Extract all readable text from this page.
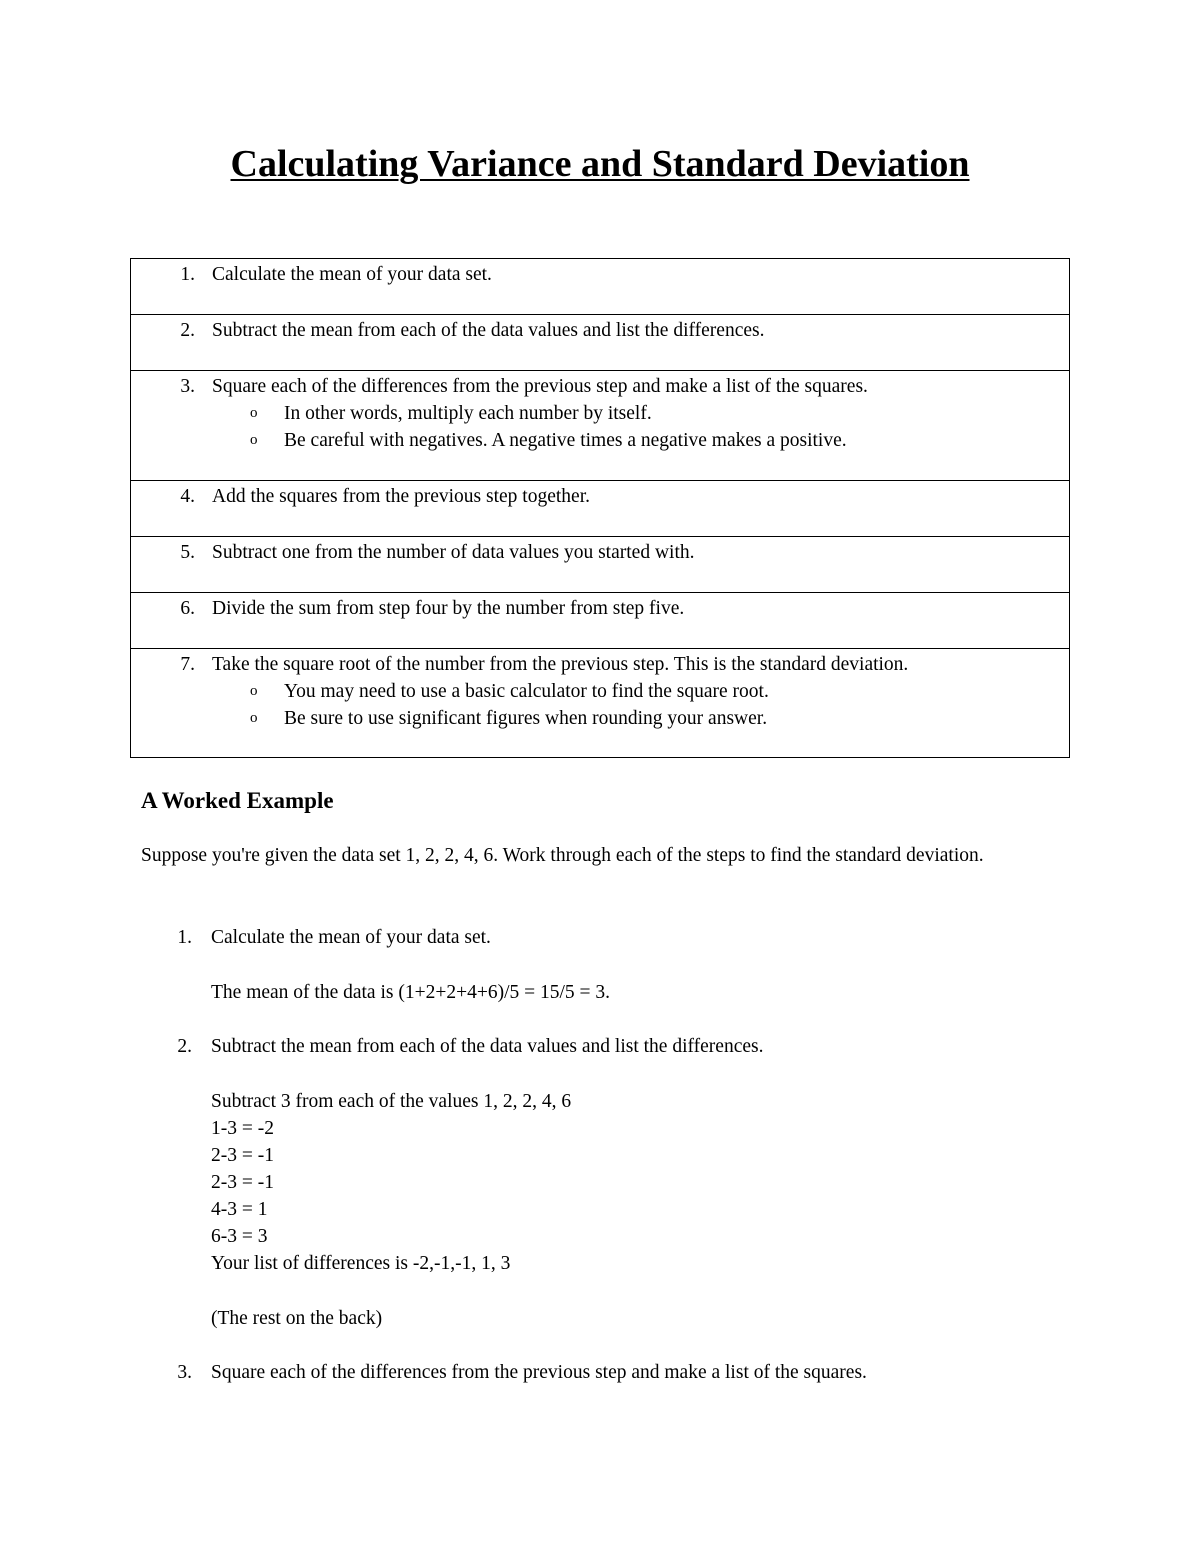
Calculating Variance and Standard Deviation
1. Calculate the mean of your data set.

2. Subtract the mean from each of the data values and list the differences.

3. Square each of the differences from the previous step and make a list of the squares.
o In other words, multiply each number by itself.
o Be careful with negatives. A negative times a negative makes a positive.

4. Add the squares from the previous step together.

5. Subtract one from the number of data values you started with.

6. Divide the sum from step four by the number from step five.

7. Take the square root of the number from the previous step. This is the standard deviation.
o You may need to use a basic calculator to find the square root.
o Be sure to use significant figures when rounding your answer.
A Worked Example
Suppose you're given the data set 1, 2, 2, 4, 6. Work through each of the steps to find the standard deviation.
1. Calculate the mean of your data set.
The mean of the data is (1+2+2+4+6)/5 = 15/5 = 3.
2. Subtract the mean from each of the data values and list the differences.
Subtract 3 from each of the values 1, 2, 2, 4, 6
1-3 = -2
2-3 = -1
2-3 = -1
4-3 = 1
6-3 = 3
Your list of differences is -2,-1,-1, 1, 3
(The rest on the back)
3. Square each of the differences from the previous step and make a list of the squares.
